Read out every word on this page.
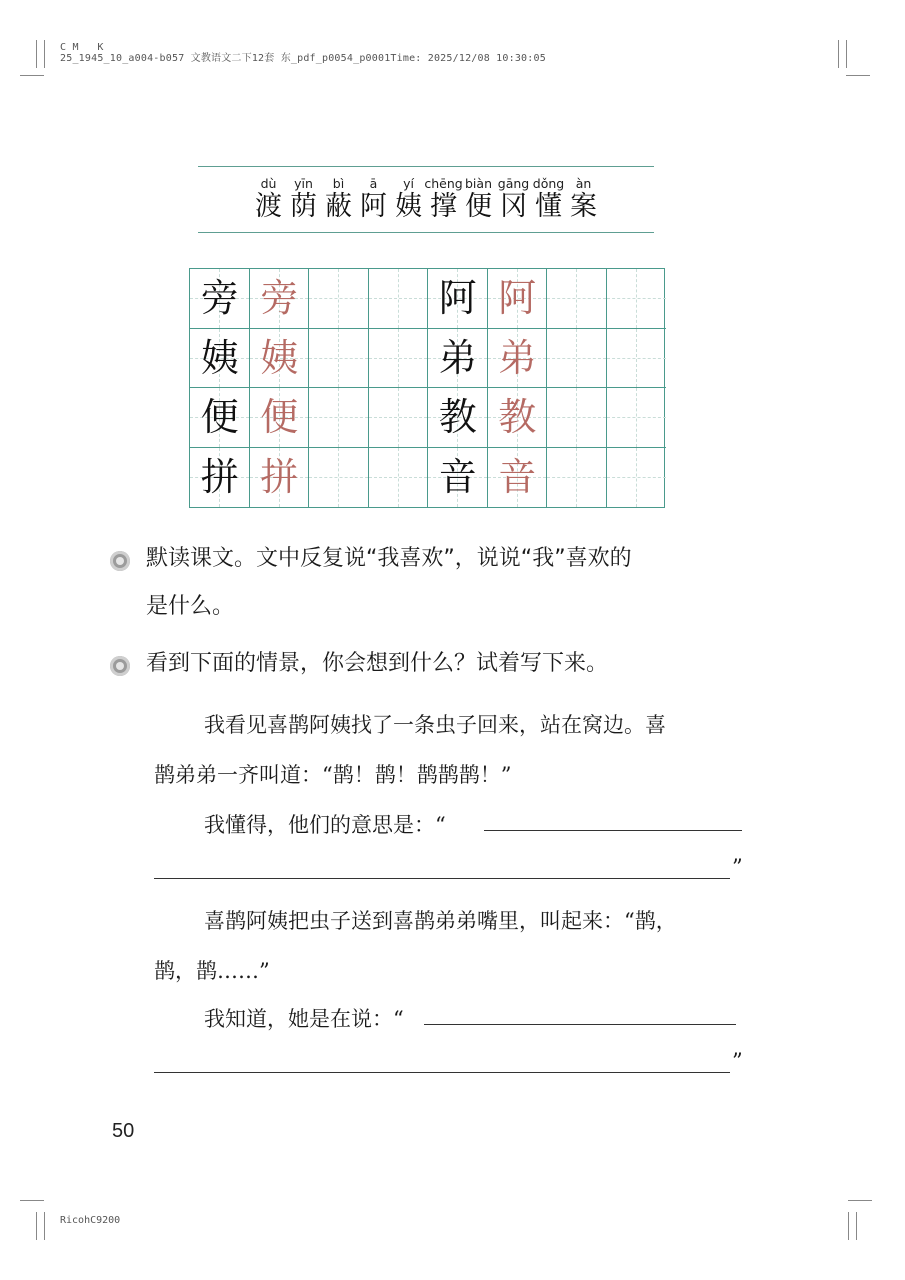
C M   K
25_1945_10_a004-b057 文教语文二下12套 东_pdf_p0054_p0001Time: 2025/12/08 10:30:05
dù
渡
yīn
荫
bì
蔽
ā
阿
yí
姨
chēng
撑
biàn
便
gāng
冈
dǒng
懂
àn
案
旁 旁	阿 阿
姨 姨	弟 弟
便 便	教 教
拼 拼	音 音
默读课文。文中反复说“我喜欢”，说说“我”喜欢的
是什么。
看到下面的情景，你会想到什么？试着写下来。
我看见喜鹊阿姨找了一条虫子回来，站在窝边。喜
鹊弟弟一齐叫道：“鹊！鹊！鹊鹊鹊！”
我懂得，他们的意思是：“
”
喜鹊阿姨把虫子送到喜鹊弟弟嘴里，叫起来：“鹊，
鹊，鹊……”
我知道，她是在说：“
”
50
RicohC9200
